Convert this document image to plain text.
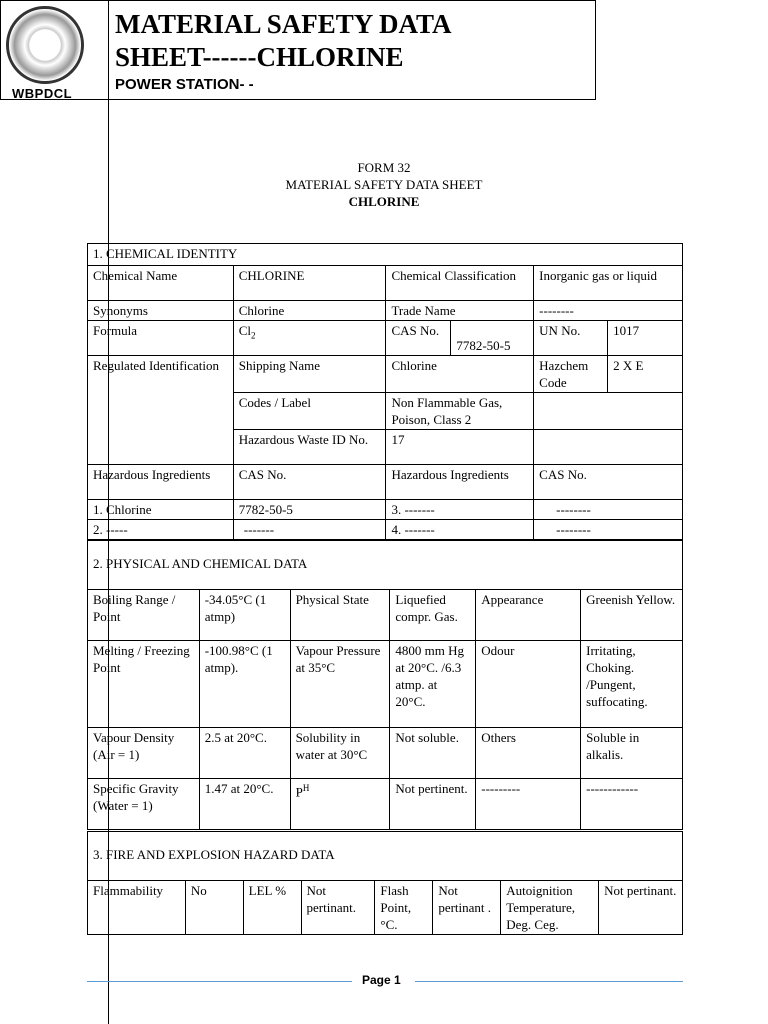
WBPDCL
MATERIAL SAFETY DATA
SHEET------CHLORINE
POWER STATION- -
FORM 32
MATERIAL SAFETY DATA SHEET
CHLORINE
1. CHEMICAL IDENTITY					
Chemical Name	CHLORINE	Chemical Classification		Inorganic gas or liquid	
Synonyms	Chlorine	Trade Name		--------	
Formula	$Cl_2$	CAS No.	7782-50-5	UN No.	1017
Regulated Identification	Shipping Name	Chlorine		Hazchem Code	2 X E
	Codes / Label	Non Flammable Gas, Poison, Class 2			
	Hazardous Waste ID No.	17			
Hazardous Ingredients	CAS No.	Hazardous Ingredients		CAS No.	
1. Chlorine	7782-50-5	3. -------		--------	
2. -----	-------	4. -------		--------	
2. PHYSICAL AND CHEMICAL DATA					
Boiling Range / Point	-34.05°C (1 atmp)	Physical State	Liquefied compr. Gas.	Appearance	Greenish Yellow.
Melting / Freezing Point	-100.98°C (1 atmp).	Vapour Pressure at 35°C	4800 mm Hg at 20°C. /6.3 atmp. at 20°C.	Odour	Irritating, Choking. /Pungent, suffocating.
Vapour Density (Air = 1)	2.5 at 20°C.	Solubility in water at 30°C	Not soluble.	Others	Soluble in alkalis.
Specific Gravity (Water = 1)	1.47 at 20°C.	$P^H$	Not pertinent.	---------	------------
3. FIRE AND EXPLOSION HAZARD DATA
Flammability	No	LEL %	Not pertinant.	Flash Point, °C.	Not pertinant .	Autoignition Temperature, Deg. Ceg.	Not pertinant.
Page 1
